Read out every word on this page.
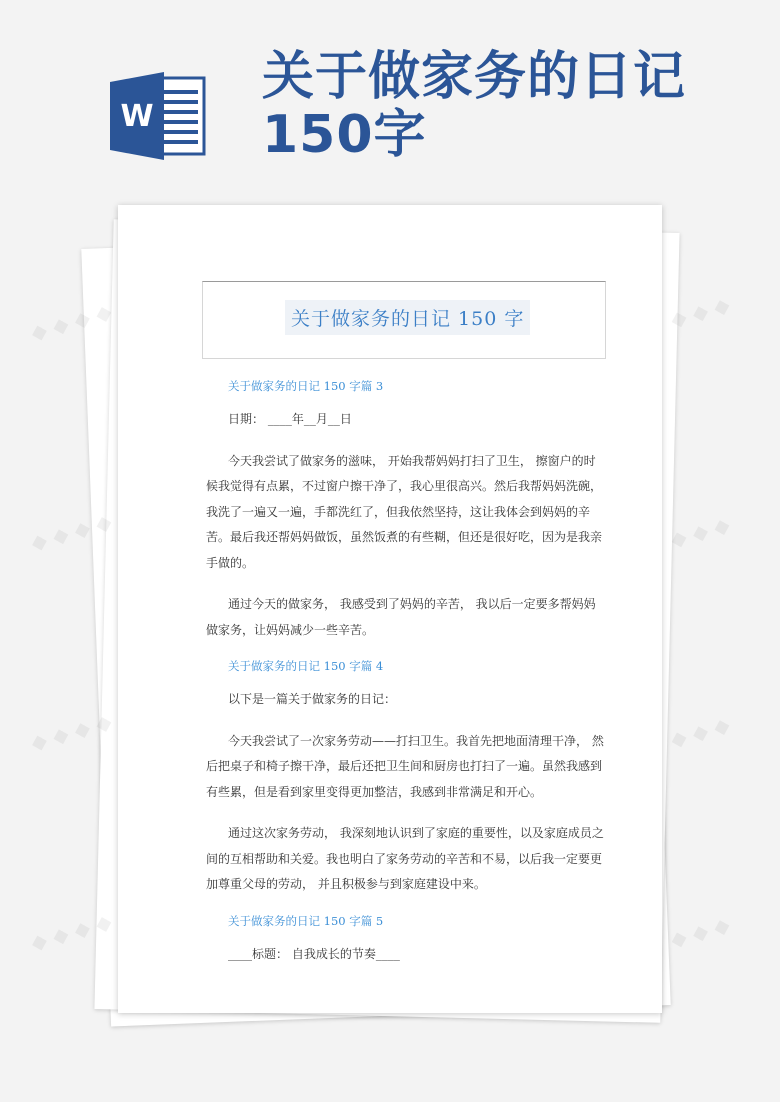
W
关于做家务的日记
150字
关于做家务的日记 150 字

关于做家务的日记 150 字篇 3

日期： ____年__月__日

今天我尝试了做家务的滋味， 开始我帮妈妈打扫了卫生， 擦窗户的时候我觉得有点累，不过窗户擦干净了，我心里很高兴。然后我帮妈妈洗碗，我洗了一遍又一遍，手都洗红了，但我依然坚持，这让我体会到妈妈的辛苦。最后我还帮妈妈做饭，虽然饭煮的有些糊，但还是很好吃，因为是我亲手做的。

通过今天的做家务， 我感受到了妈妈的辛苦， 我以后一定要多帮妈妈做家务，让妈妈减少一些辛苦。

关于做家务的日记 150 字篇 4

以下是一篇关于做家务的日记：

今天我尝试了一次家务劳动——打扫卫生。我首先把地面清理干净， 然后把桌子和椅子擦干净，最后还把卫生间和厨房也打扫了一遍。虽然我感到有些累，但是看到家里变得更加整洁，我感到非常满足和开心。

通过这次家务劳动， 我深刻地认识到了家庭的重要性，以及家庭成员之间的互相帮助和关爱。我也明白了家务劳动的辛苦和不易，以后我一定要更加尊重父母的劳动， 并且积极参与到家庭建设中来。

关于做家务的日记 150 字篇 5

____标题： 自我成长的节奏____

◆ ◆ ◆ ◆	◆ ◆ ◆
◆ ◆ ◆ ◆	◆ ◆ ◆
◆ ◆ ◆ ◆	◆ ◆ ◆
◆ ◆ ◆ ◆	◆ ◆ ◆
